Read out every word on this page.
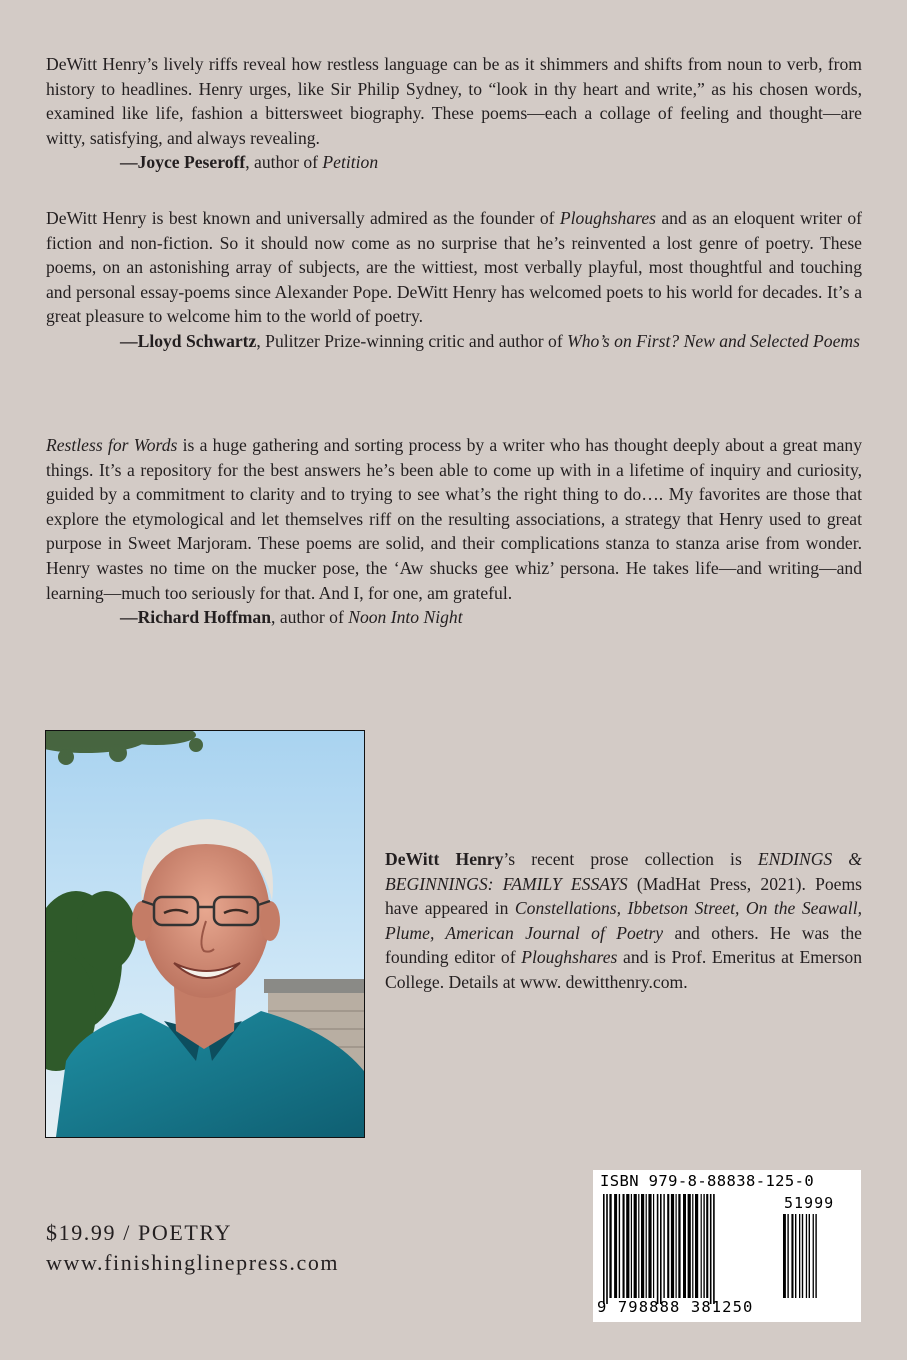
DeWitt Henry’s lively riffs reveal how restless language can be as it shimmers and shifts from noun to verb, from history to headlines. Henry urges, like Sir Philip Sydney, to “look in thy heart and write,” as his chosen words, examined like life, fashion a bittersweet biography. These poems—each a collage of feeling and thought—are witty, satisfying, and always revealing.

—Joyce Peseroff, author of Petition

DeWitt Henry is best known and universally admired as the founder of Ploughshares and as an eloquent writer of fiction and non-fiction. So it should now come as no surprise that he’s reinvented a lost genre of poetry. These poems, on an astonishing array of subjects, are the wittiest, most verbally playful, most thoughtful and touching and personal essay-poems since Alexander Pope. DeWitt Henry has welcomed poets to his world for decades. It’s a great pleasure to welcome him to the world of poetry.

—Lloyd Schwartz, Pulitzer Prize-winning critic and author of Who’s on First? New and Selected Poems

Restless for Words is a huge gathering and sorting process by a writer who has thought deeply about a great many things. It’s a repository for the best answers he’s been able to come up with in a lifetime of inquiry and curiosity, guided by a commitment to clarity and to trying to see what’s the right thing to do…. My favorites are those that explore the etymological and let themselves riff on the resulting associations, a strategy that Henry used to great purpose in Sweet Marjoram. These poems are solid, and their complications stanza to stanza arise from wonder. Henry wastes no time on the mucker pose, the ‘Aw shucks gee whiz’ persona. He takes life—and writing—and learning—much too seriously for that. And I, for one, am grateful.

—Richard Hoffman, author of Noon Into Night

DeWitt Henry’s recent prose collection is ENDINGS & BEGINNINGS: FAMILY ESSAYS (MadHat Press, 2021). Poems have appeared in Constellations, Ibbetson Street, On the Seawall, Plume, American Journal of Poetry and others. He was the founding editor of Ploughshares and is Prof. Emeritus at Emerson College. Details at www. dewitthenry.com.

$19.99 / POETRY
www.finishinglinepress.com
ISBN 979-8-88838-125-0
51999
9 798888 381250
